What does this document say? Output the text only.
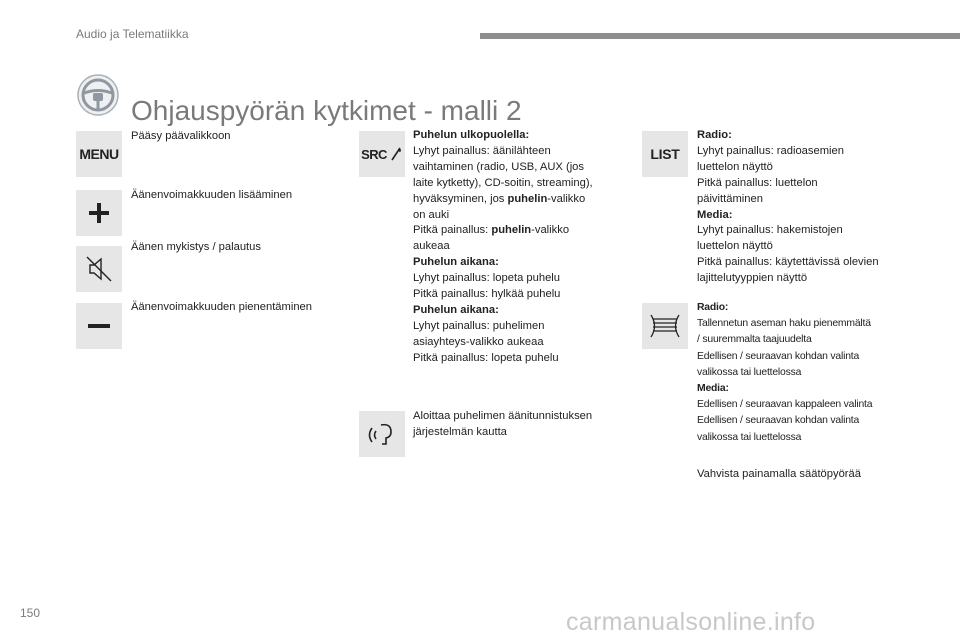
Audio ja Telematiikka
Ohjauspyörän kytkimet - malli 2
MENU
Pääsy päävalikkoon
Äänenvoimakkuuden lisääminen
Äänen mykistys / palautus
Äänenvoimakkuuden pienentäminen
SRC

Puhelun ulkopuolella:

Lyhyt painallus: äänilähteen

vaihtaminen (radio, USB, AUX (jos

laite kytketty), CD-soitin, streaming),

hyväksyminen, jos puhelin-valikko

on auki

Pitkä painallus: puhelin-valikko

aukeaa

Puhelun aikana:

Lyhyt painallus: lopeta puhelu

Pitkä painallus: hylkää puhelu

Puhelun aikana:

Lyhyt painallus: puhelimen

asiayhteys-valikko aukeaa

Pitkä painallus: lopeta puhelu

Aloittaa puhelimen äänitunnistuksen

järjestelmän kautta

LIST

Radio:

Lyhyt painallus: radioasemien

luettelon näyttö

Pitkä painallus: luettelon

päivittäminen

Media:

Lyhyt painallus: hakemistojen

luettelon näyttö

Pitkä painallus: käytettävissä olevien

lajittelutyyppien näyttö

Radio:

Tallennetun aseman haku pienemmältä

/ suuremmalta taajuudelta

Edellisen / seuraavan kohdan valinta

valikossa tai luettelossa

Media:

Edellisen / seuraavan kappaleen valinta

Edellisen / seuraavan kohdan valinta

valikossa tai luettelossa

Vahvista painamalla säätöpyörää
150	carmanualsonline.info
